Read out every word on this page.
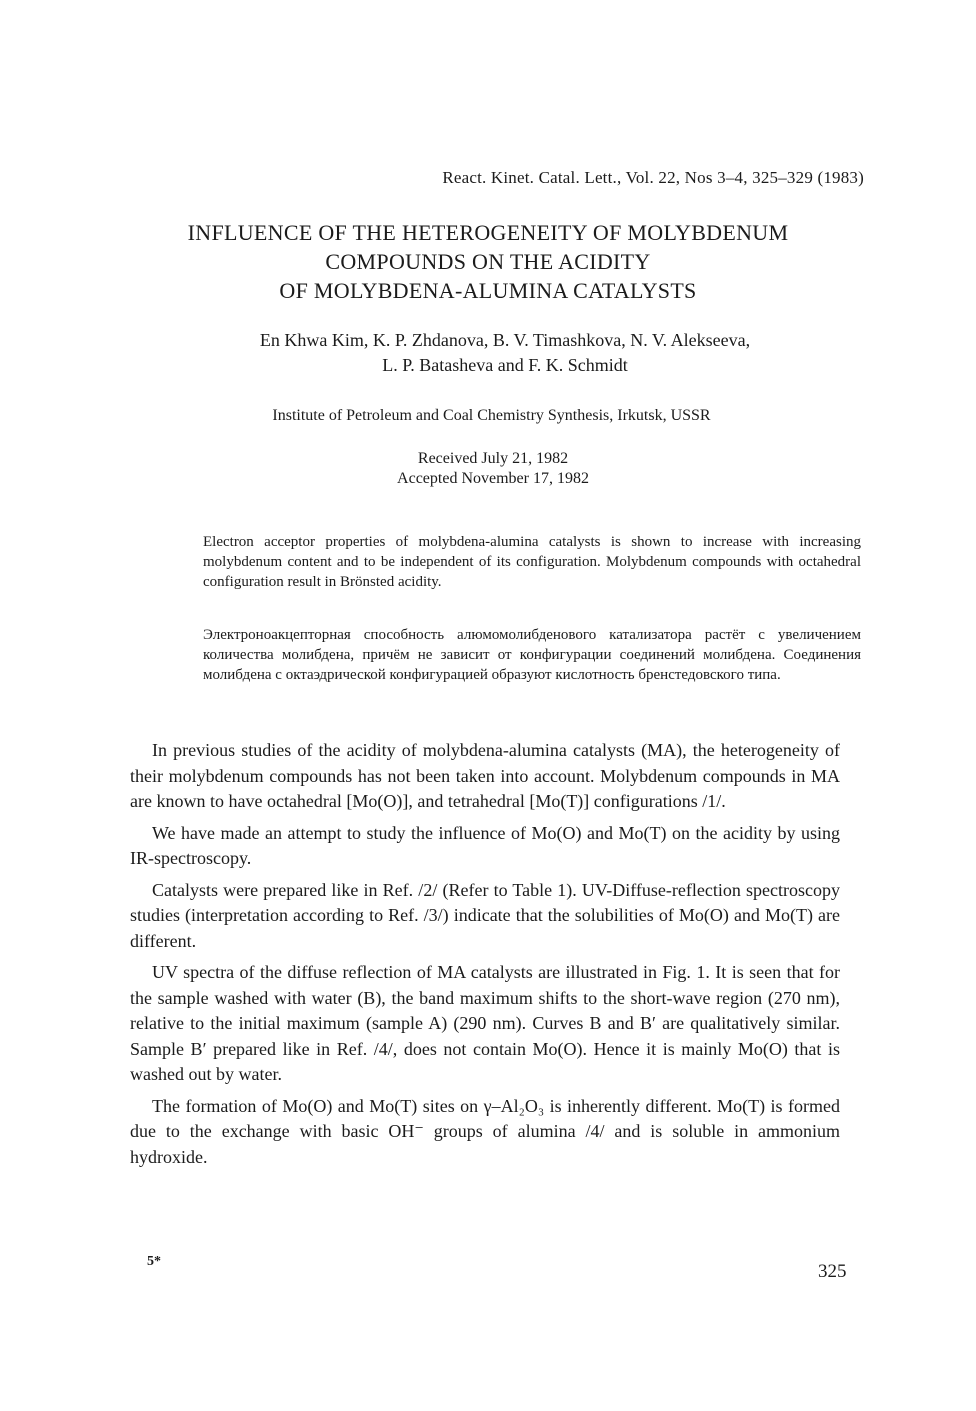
React. Kinet. Catal. Lett., Vol. 22, Nos 3–4, 325–329 (1983)
INFLUENCE OF THE HETEROGENEITY OF MOLYBDENUM
COMPOUNDS ON THE ACIDITY
OF MOLYBDENA-ALUMINA CATALYSTS
En Khwa Kim, K. P. Zhdanova, B. V. Timashkova, N. V. Alekseeva,
L. P. Batasheva and F. K. Schmidt
Institute of Petroleum and Coal Chemistry Synthesis, Irkutsk, USSR
Received July 21, 1982
Accepted November 17, 1982
Electron acceptor properties of molybdena-alumina catalysts is shown to increase with increasing molybdenum content and to be independent of its configuration. Molybdenum compounds with octahedral configuration result in Brönsted acidity.
Электроноакцепторная способность алюмомолибденового катализатора растёт с увеличением количества молибдена, причём не зависит от конфигурации соединений молибдена. Соединения молибдена с октаэдрической конфигурацией образуют кислотность бренстедовского типа.

In previous studies of the acidity of molybdena-alumina catalysts (MA), the heterogeneity of their molybdenum compounds has not been taken into account. Molybdenum compounds in MA are known to have octahedral [Mo(O)], and tetrahedral [Mo(T)] configurations /1/.

We have made an attempt to study the influence of Mo(O) and Mo(T) on the acidity by using IR-spectroscopy.

Catalysts were prepared like in Ref. /2/ (Refer to Table 1). UV-Diffuse-reflection spectroscopy studies (interpretation according to Ref. /3/) indicate that the solubilities of Mo(O) and Mo(T) are different.

UV spectra of the diffuse reflection of MA catalysts are illustrated in Fig. 1. It is seen that for the sample washed with water (B), the band maximum shifts to the short-wave region (270 nm), relative to the initial maximum (sample A) (290 nm). Curves B and B′ are qualitatively similar. Sample B′ prepared like in Ref. /4/, does not contain Mo(O). Hence it is mainly Mo(O) that is washed out by water.

The formation of Mo(O) and Mo(T) sites on γ–Al₂O₃ is inherently different. Mo(T) is formed due to the exchange with basic OH⁻ groups of alumina /4/ and is soluble in ammonium hydroxide.

5*	325
